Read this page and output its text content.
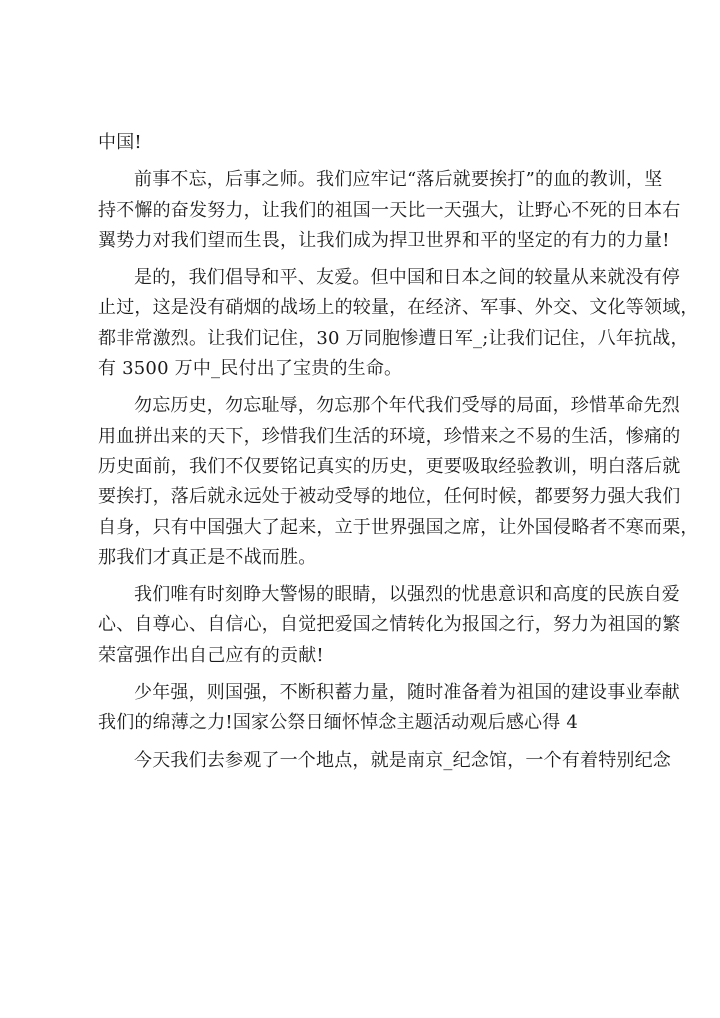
中国!
前事不忘，后事之师。我们应牢记“落后就要挨打”的血的教训，坚
持不懈的奋发努力，让我们的祖国一天比一天强大，让野心不死的日本右
翼势力对我们望而生畏，让我们成为捍卫世界和平的坚定的有力的力量!
是的，我们倡导和平、友爱。但中国和日本之间的较量从来就没有停
止过，这是没有硝烟的战场上的较量，在经济、军事、外交、文化等领域，
都非常激烈。让我们记住，30 万同胞惨遭日军_;让我们记住，八年抗战，
有 3500 万中_民付出了宝贵的生命。
勿忘历史，勿忘耻辱，勿忘那个年代我们受辱的局面，珍惜革命先烈
用血拼出来的天下，珍惜我们生活的环境，珍惜来之不易的生活，惨痛的
历史面前，我们不仅要铭记真实的历史，更要吸取经验教训，明白落后就
要挨打，落后就永远处于被动受辱的地位，任何时候，都要努力强大我们
自身，只有中国强大了起来，立于世界强国之席，让外国侵略者不寒而栗，
那我们才真正是不战而胜。
我们唯有时刻睁大警惕的眼睛，以强烈的忧患意识和高度的民族自爱
心、自尊心、自信心，自觉把爱国之情转化为报国之行，努力为祖国的繁
荣富强作出自己应有的贡献!
少年强，则国强，不断积蓄力量，随时准备着为祖国的建设事业奉献
我们的绵薄之力!国家公祭日缅怀悼念主题活动观后感心得 4
今天我们去参观了一个地点，就是南京_纪念馆，一个有着特别纪念
